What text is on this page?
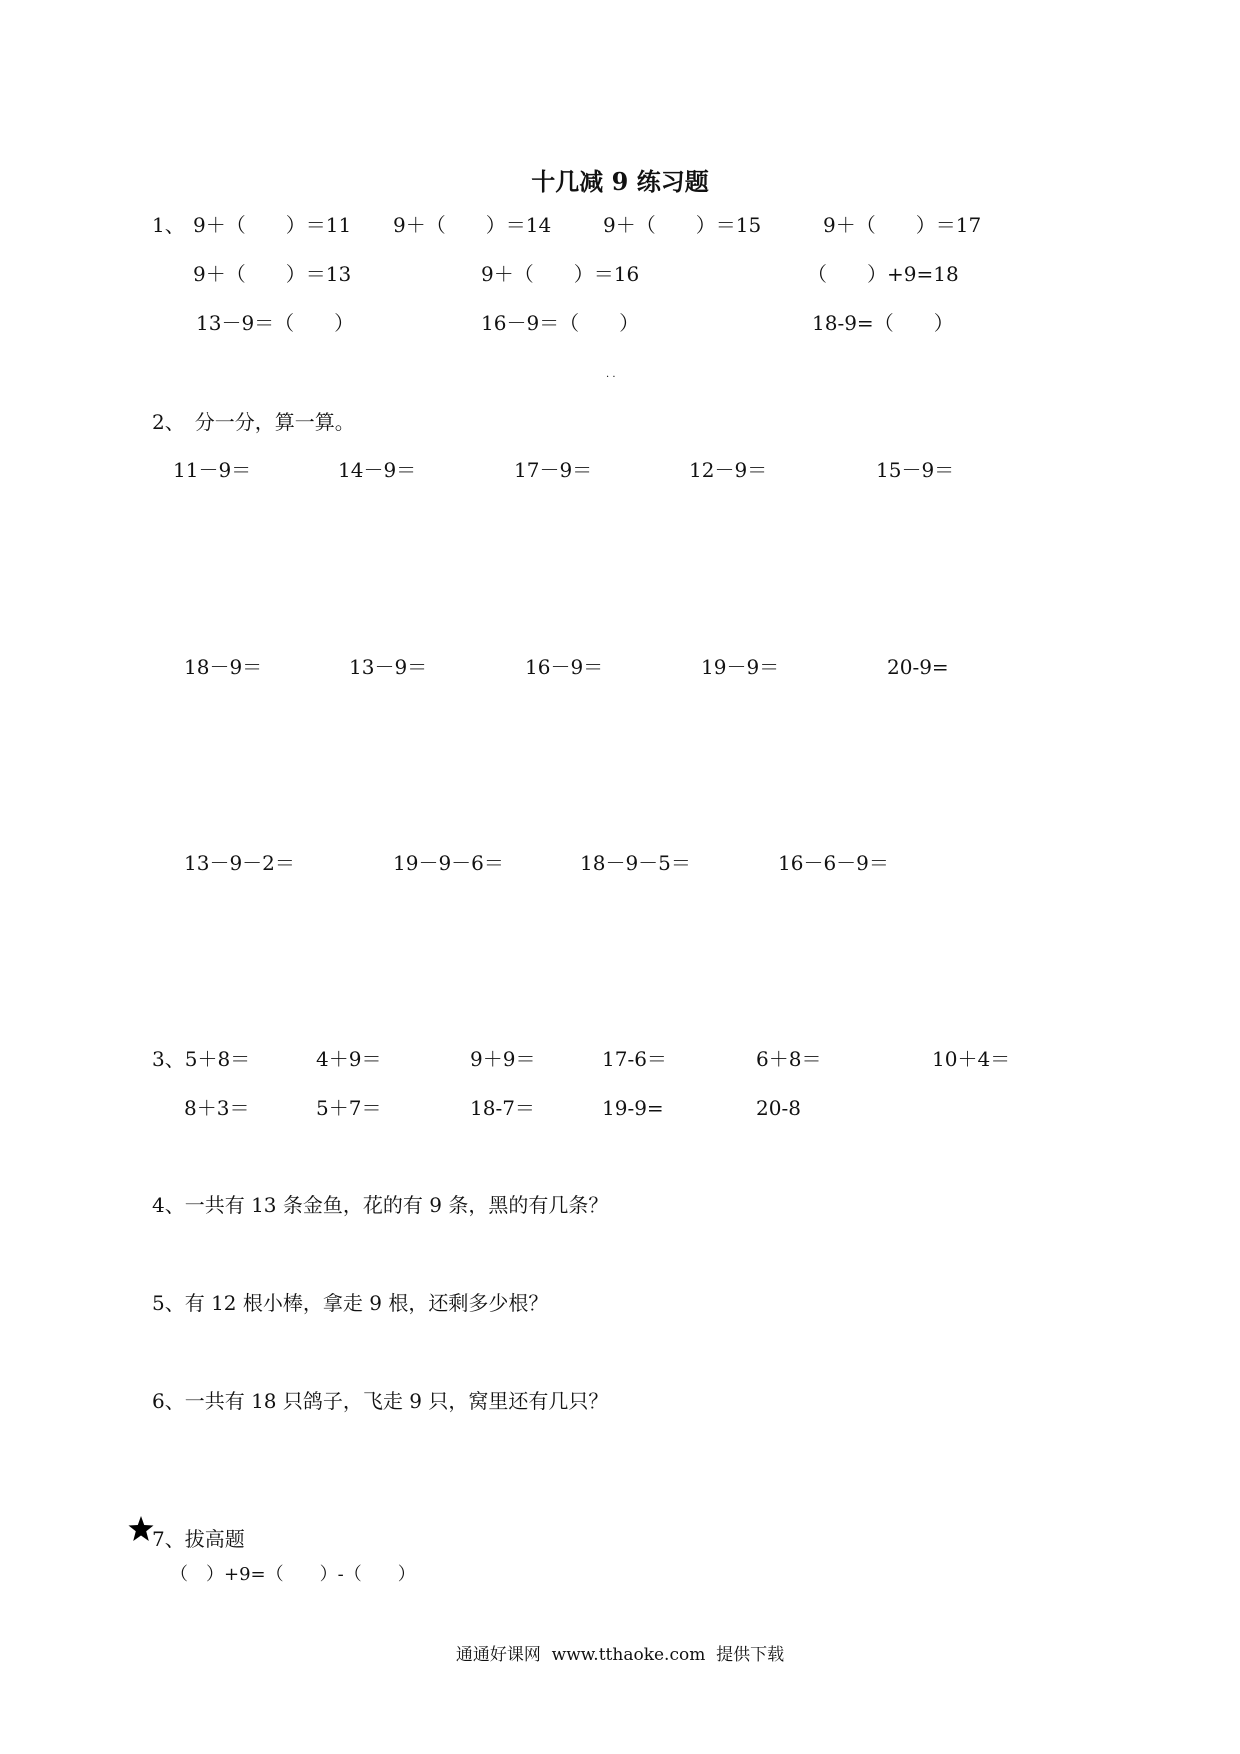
十几减 9 练习题
1、 9＋（　　）＝11 9＋（　　）＝14	9＋（　　）＝15	9＋（　　）＝17
9＋（　　）＝13	9＋（　　）＝16	（　　）+9=18
13－9＝（　　）	16－9＝（　　）	18-9=（　　）
· ·
2、　分一分，算一算。
11－9＝	14－9＝	17－9＝	12－9＝	15－9＝
18－9＝	13－9＝	16－9＝	19－9＝	20-9=
13－9－2＝	19－9－6＝	18－9－5＝	16－6－9＝
3、5＋8＝	4＋9＝	9＋9＝	17-6＝	6＋8＝	10＋4＝
8＋3＝	5＋7＝	18-7＝	19-9=	20-8
4、一共有 13 条金鱼，花的有 9 条，黑的有几条？
5、有 12 根小棒，拿走 9 根，还剩多少根？
6、一共有 18 只鸽子，飞走 9 只，窝里还有几只？
7、拔高题
（　）+9=（　　）-（　　）
通通好课网  www.tthaoke.com  提供下载
